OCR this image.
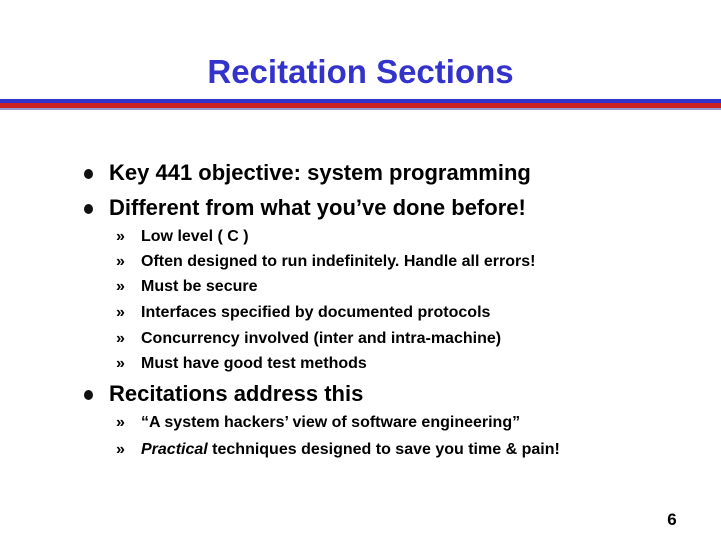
Recitation Sections
Key 441 objective: system programming
Different from what you’ve done before!
» Low level ( C )
» Often designed to run indefinitely. Handle all errors!
» Must be secure
» Interfaces specified by documented protocols
» Concurrency involved (inter and intra-machine)
» Must have good test methods
Recitations address this
» “A system hackers’ view of software engineering”
» Practical techniques designed to save you time & pain!
6
